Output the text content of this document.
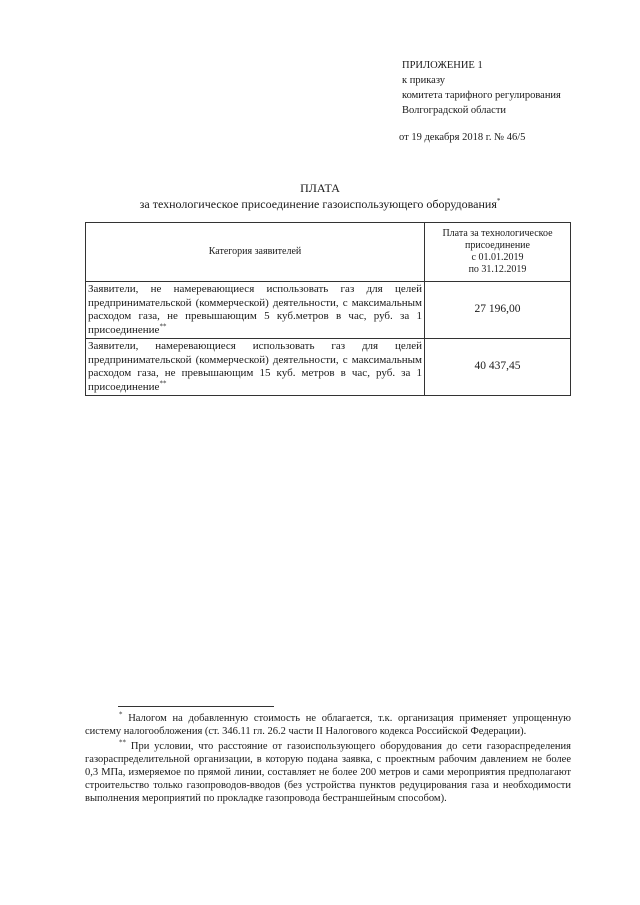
ПРИЛОЖЕНИЕ 1
к приказу
комитета тарифного регулирования
Волгоградской области
от 19 декабря 2018 г. № 46/5
ПЛАТА
за технологическое присоединение газоиспользующего оборудования*
Категория заявителей	Плата за технологическое присоединение
с 01.01.2019
по 31.12.2019

Заявители, не намеревающиеся использовать газ для целей предпринимательской (коммерческой) деятельности, с максимальным расходом газа, не превышающим 5 куб.метров в час, руб. за 1 присоединение**	27 196,00
Заявители, намеревающиеся использовать газ для целей предпринимательской (коммерческой) деятельности, с максимальным расходом газа, не превышающим 15 куб. метров в час, руб. за 1 присоединение**	40 437,45

* Налогом на добавленную стоимость не облагается, т.к. организация применяет упрощенную систему налогообложения (ст. 346.11 гл. 26.2 части II Налогового кодекса Российской Федерации).

** При условии, что расстояние от газоиспользующего оборудования до сети газораспределения газораспределительной организации, в которую подана заявка, с проектным рабочим давлением не более 0,3 МПа, измеряемое по прямой линии, составляет не более 200 метров и сами мероприятия предполагают строительство только газопроводов-вводов (без устройства пунктов редуцирования газа и необходимости выполнения мероприятий по прокладке газопровода бестраншейным способом).
